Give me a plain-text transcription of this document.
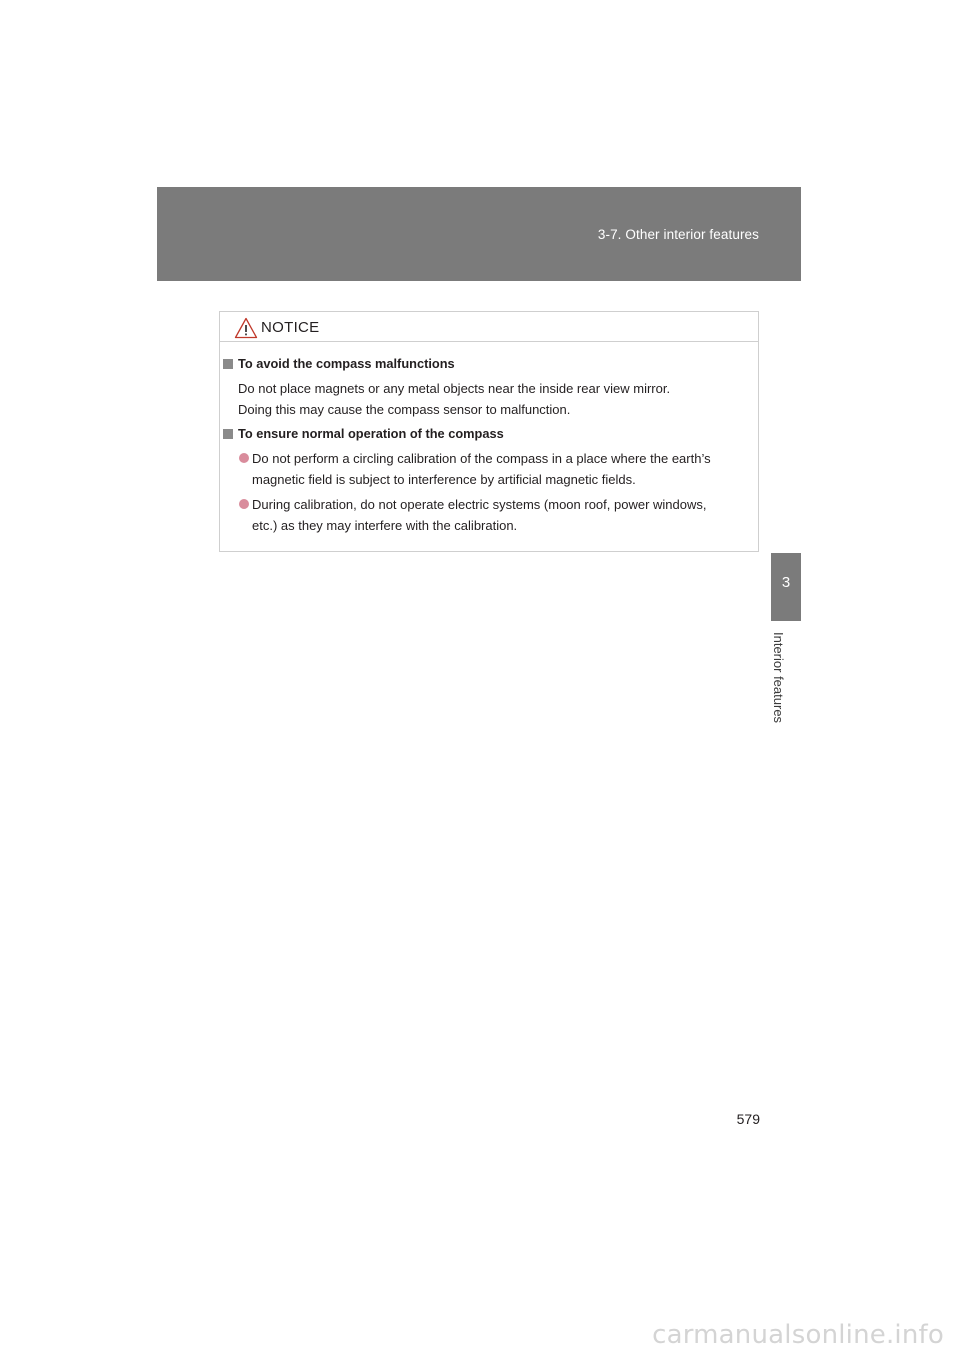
3-7. Other interior features
3
Interior features
NOTICE
To avoid the compass malfunctions
Do not place magnets or any metal objects near the inside rear view mirror.
Doing this may cause the compass sensor to malfunction.
To ensure normal operation of the compass
Do not perform a circling calibration of the compass in a place where the earth’s
magnetic field is subject to interference by artificial magnetic fields.
During calibration, do not operate electric systems (moon roof, power windows,
etc.) as they may interfere with the calibration.
579
carmanualsonline.info
